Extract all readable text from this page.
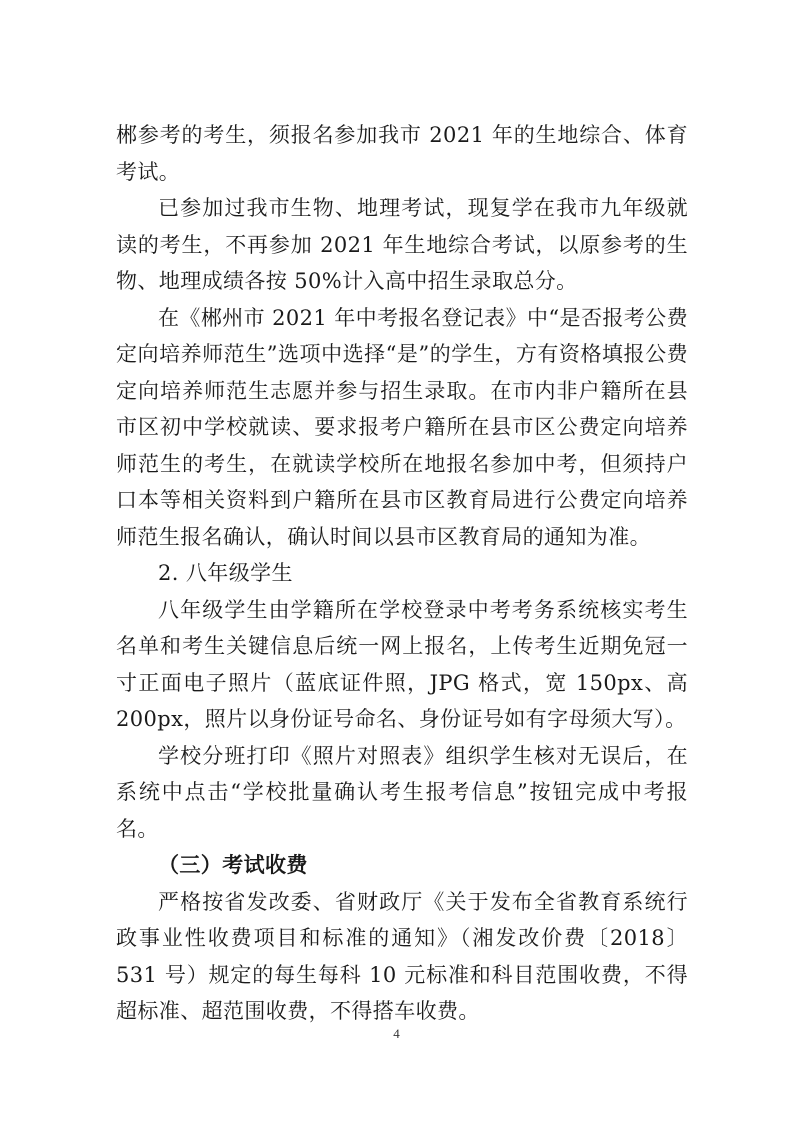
郴参考的考生，须报名参加我市 2021 年的生地综合、体育考试。

已参加过我市生物、地理考试，现复学在我市九年级就读的考生，不再参加 2021 年生地综合考试，以原参考的生物、地理成绩各按 50%计入高中招生录取总分。

在《郴州市 2021 年中考报名登记表》中“是否报考公费定向培养师范生”选项中选择“是”的学生，方有资格填报公费定向培养师范生志愿并参与招生录取。在市内非户籍所在县市区初中学校就读、要求报考户籍所在县市区公费定向培养师范生的考生，在就读学校所在地报名参加中考，但须持户口本等相关资料到户籍所在县市区教育局进行公费定向培养师范生报名确认，确认时间以县市区教育局的通知为准。

2. 八年级学生

八年级学生由学籍所在学校登录中考考务系统核实考生名单和考生关键信息后统一网上报名，上传考生近期免冠一寸正面电子照片（蓝底证件照，JPG 格式，宽 150px、高 200px，照片以身份证号命名、身份证号如有字母须大写）。

学校分班打印《照片对照表》组织学生核对无误后，在系统中点击“学校批量确认考生报考信息”按钮完成中考报名。

（三）考试收费

严格按省发改委、省财政厅《关于发布全省教育系统行政事业性收费项目和标准的通知》（湘发改价费〔2018〕531 号）规定的每生每科 10 元标准和科目范围收费，不得超标准、超范围收费，不得搭车收费。

4
